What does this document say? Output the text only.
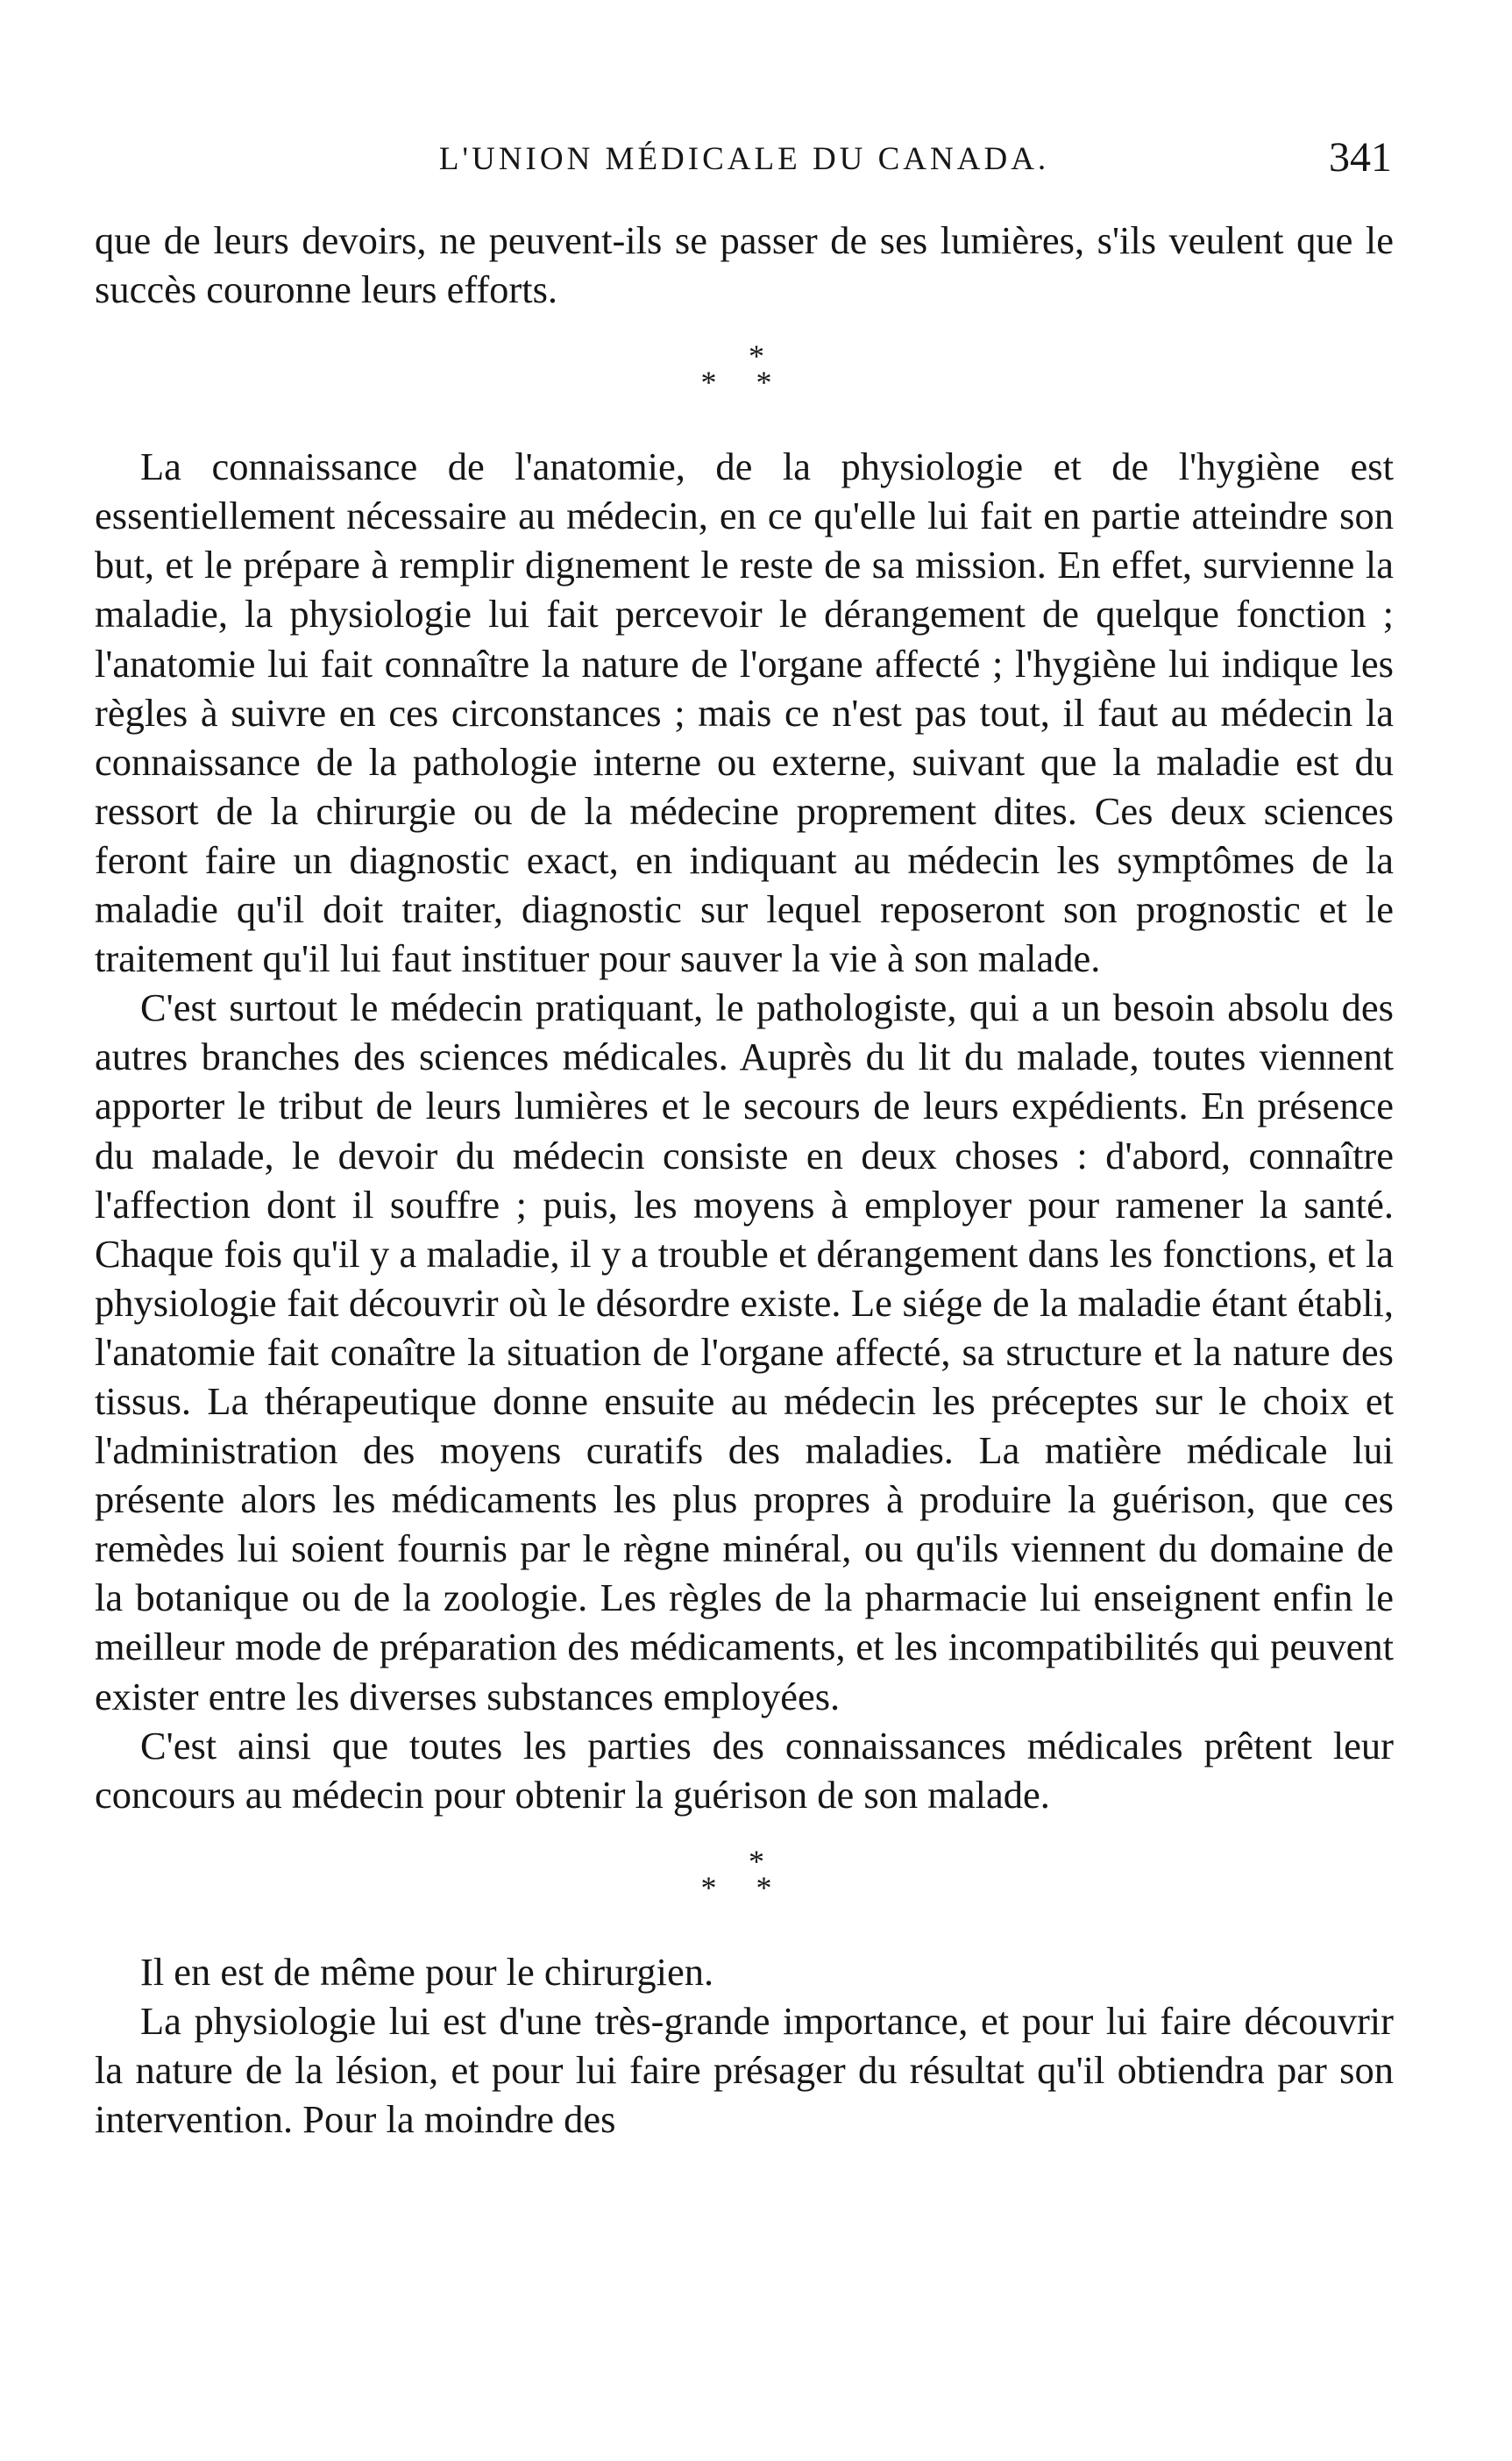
L'UNION MÉDICALE DU CANADA.	341

que de leurs devoirs, ne peuvent-ils se passer de ses lumières, s'ils veulent que le succès couronne leurs efforts.

*
* *

La connaissance de l'anatomie, de la physiologie et de l'hygiène est essentiellement nécessaire au médecin, en ce qu'elle lui fait en partie atteindre son but, et le prépare à remplir dignement le reste de sa mission. En effet, survienne la maladie, la physiologie lui fait percevoir le dérangement de quelque fonction ; l'anatomie lui fait connaître la nature de l'organe affecté ; l'hygiène lui indique les règles à suivre en ces circonstances ; mais ce n'est pas tout, il faut au médecin la connaissance de la pathologie interne ou externe, suivant que la maladie est du ressort de la chirurgie ou de la médecine proprement dites. Ces deux sciences feront faire un diagnostic exact, en indiquant au médecin les symptômes de la maladie qu'il doit traiter, diagnostic sur lequel reposeront son prognostic et le traitement qu'il lui faut instituer pour sauver la vie à son malade.

C'est surtout le médecin pratiquant, le pathologiste, qui a un besoin absolu des autres branches des sciences médicales. Auprès du lit du malade, toutes viennent apporter le tribut de leurs lumières et le secours de leurs expédients. En présence du malade, le devoir du médecin consiste en deux choses : d'abord, connaître l'affection dont il souffre ; puis, les moyens à employer pour ramener la santé. Chaque fois qu'il y a maladie, il y a trouble et dérangement dans les fonctions, et la physiologie fait découvrir où le désordre existe. Le siége de la maladie étant établi, l'anatomie fait conaître la situation de l'organe affecté, sa structure et la nature des tissus. La thérapeutique donne ensuite au médecin les préceptes sur le choix et l'administration des moyens curatifs des maladies. La matière médicale lui présente alors les médicaments les plus propres à produire la guérison, que ces remèdes lui soient fournis par le règne minéral, ou qu'ils viennent du domaine de la botanique ou de la zoologie. Les règles de la pharmacie lui enseignent enfin le meilleur mode de préparation des médicaments, et les incompatibilités qui peuvent exister entre les diverses substances employées.

C'est ainsi que toutes les parties des connaissances médicales prêtent leur concours au médecin pour obtenir la guérison de son malade.

*
* *

Il en est de même pour le chirurgien.

La physiologie lui est d'une très-grande importance, et pour lui faire découvrir la nature de la lésion, et pour lui faire présager du résultat qu'il obtiendra par son intervention. Pour la moindre des
